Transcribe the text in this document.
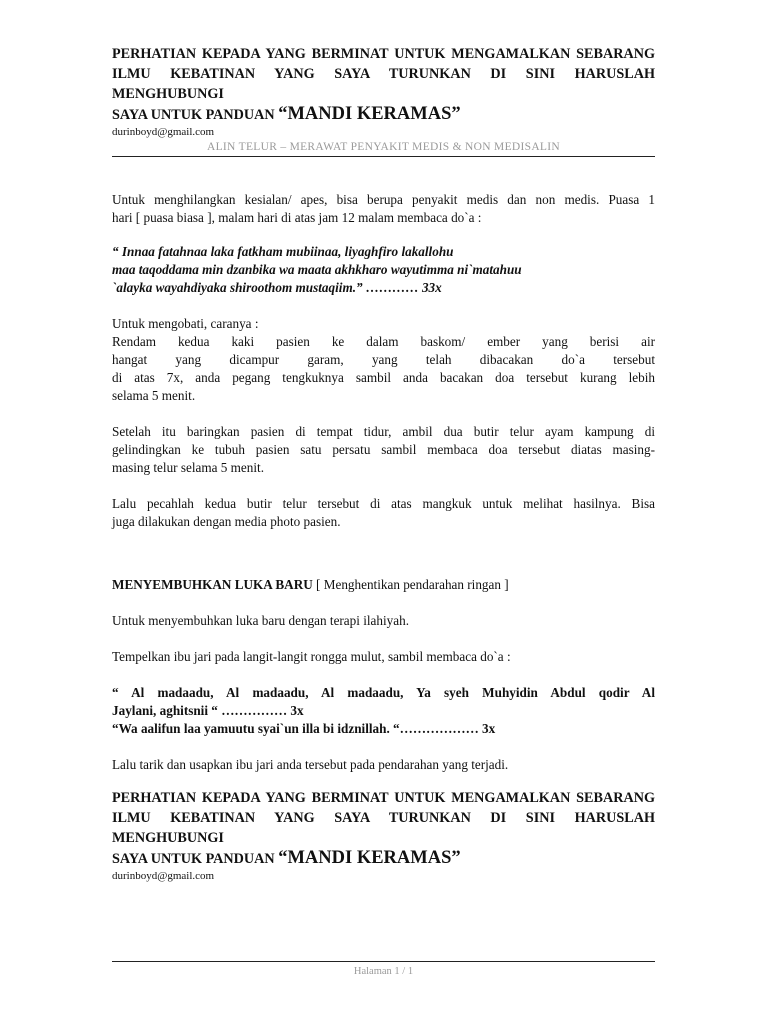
PERHATIAN KEPADA YANG BERMINAT UNTUK MENGAMALKAN SEBARANG

ILMU KEBATINAN YANG SAYA TURUNKAN DI SINI HARUSLAH MENGHUBUNGI

SAYA UNTUK PANDUAN “MANDI KERAMAS”

durinboyd@gmail.com

ALIN TELUR – MERAWAT PENYAKIT MEDIS & NON MEDISALIN

Untuk menghilangkan kesialan/ apes, bisa berupa penyakit medis dan non medis. Puasa 1

hari [ puasa biasa ], malam hari di atas jam 12 malam membaca do`a :

“ Innaa fatahnaa laka fatkham mubiinaa, liyaghfiro lakallohu

maa taqoddama min dzanbika wa maata akhkharo wayutimma ni`matahuu

`alayka wayahdiyaka shiroothom mustaqiim.” ………… 33x

Untuk mengobati, caranya :

Rendam kedua kaki pasien ke dalam baskom/ ember yang berisi air

hangat yang dicampur garam, yang telah dibacakan do`a tersebut

di atas 7x, anda pegang tengkuknya sambil anda bacakan doa tersebut kurang lebih

selama 5 menit.

Setelah itu baringkan pasien di tempat tidur, ambil dua butir telur ayam kampung di

gelindingkan ke tubuh pasien satu persatu sambil membaca doa tersebut diatas masing-

masing telur selama 5 menit.

Lalu pecahlah kedua butir telur tersebut di atas mangkuk untuk melihat hasilnya. Bisa

juga dilakukan dengan media photo pasien.

MENYEMBUHKAN LUKA BARU [ Menghentikan pendarahan ringan ]

Untuk menyembuhkan luka baru dengan terapi ilahiyah.

Tempelkan ibu jari pada langit-langit rongga mulut, sambil membaca do`a :

“ Al madaadu, Al madaadu, Al madaadu, Ya syeh Muhyidin Abdul qodir Al

Jaylani, aghitsnii “ …………… 3x

“Wa aalifun laa yamuutu syai`un illa bi idznillah. “……………… 3x

Lalu tarik dan usapkan ibu jari anda tersebut pada pendarahan yang terjadi.

PERHATIAN KEPADA YANG BERMINAT UNTUK MENGAMALKAN SEBARANG

ILMU KEBATINAN YANG SAYA TURUNKAN DI SINI HARUSLAH MENGHUBUNGI

SAYA UNTUK PANDUAN “MANDI KERAMAS”

durinboyd@gmail.com

Halaman 1 / 1
